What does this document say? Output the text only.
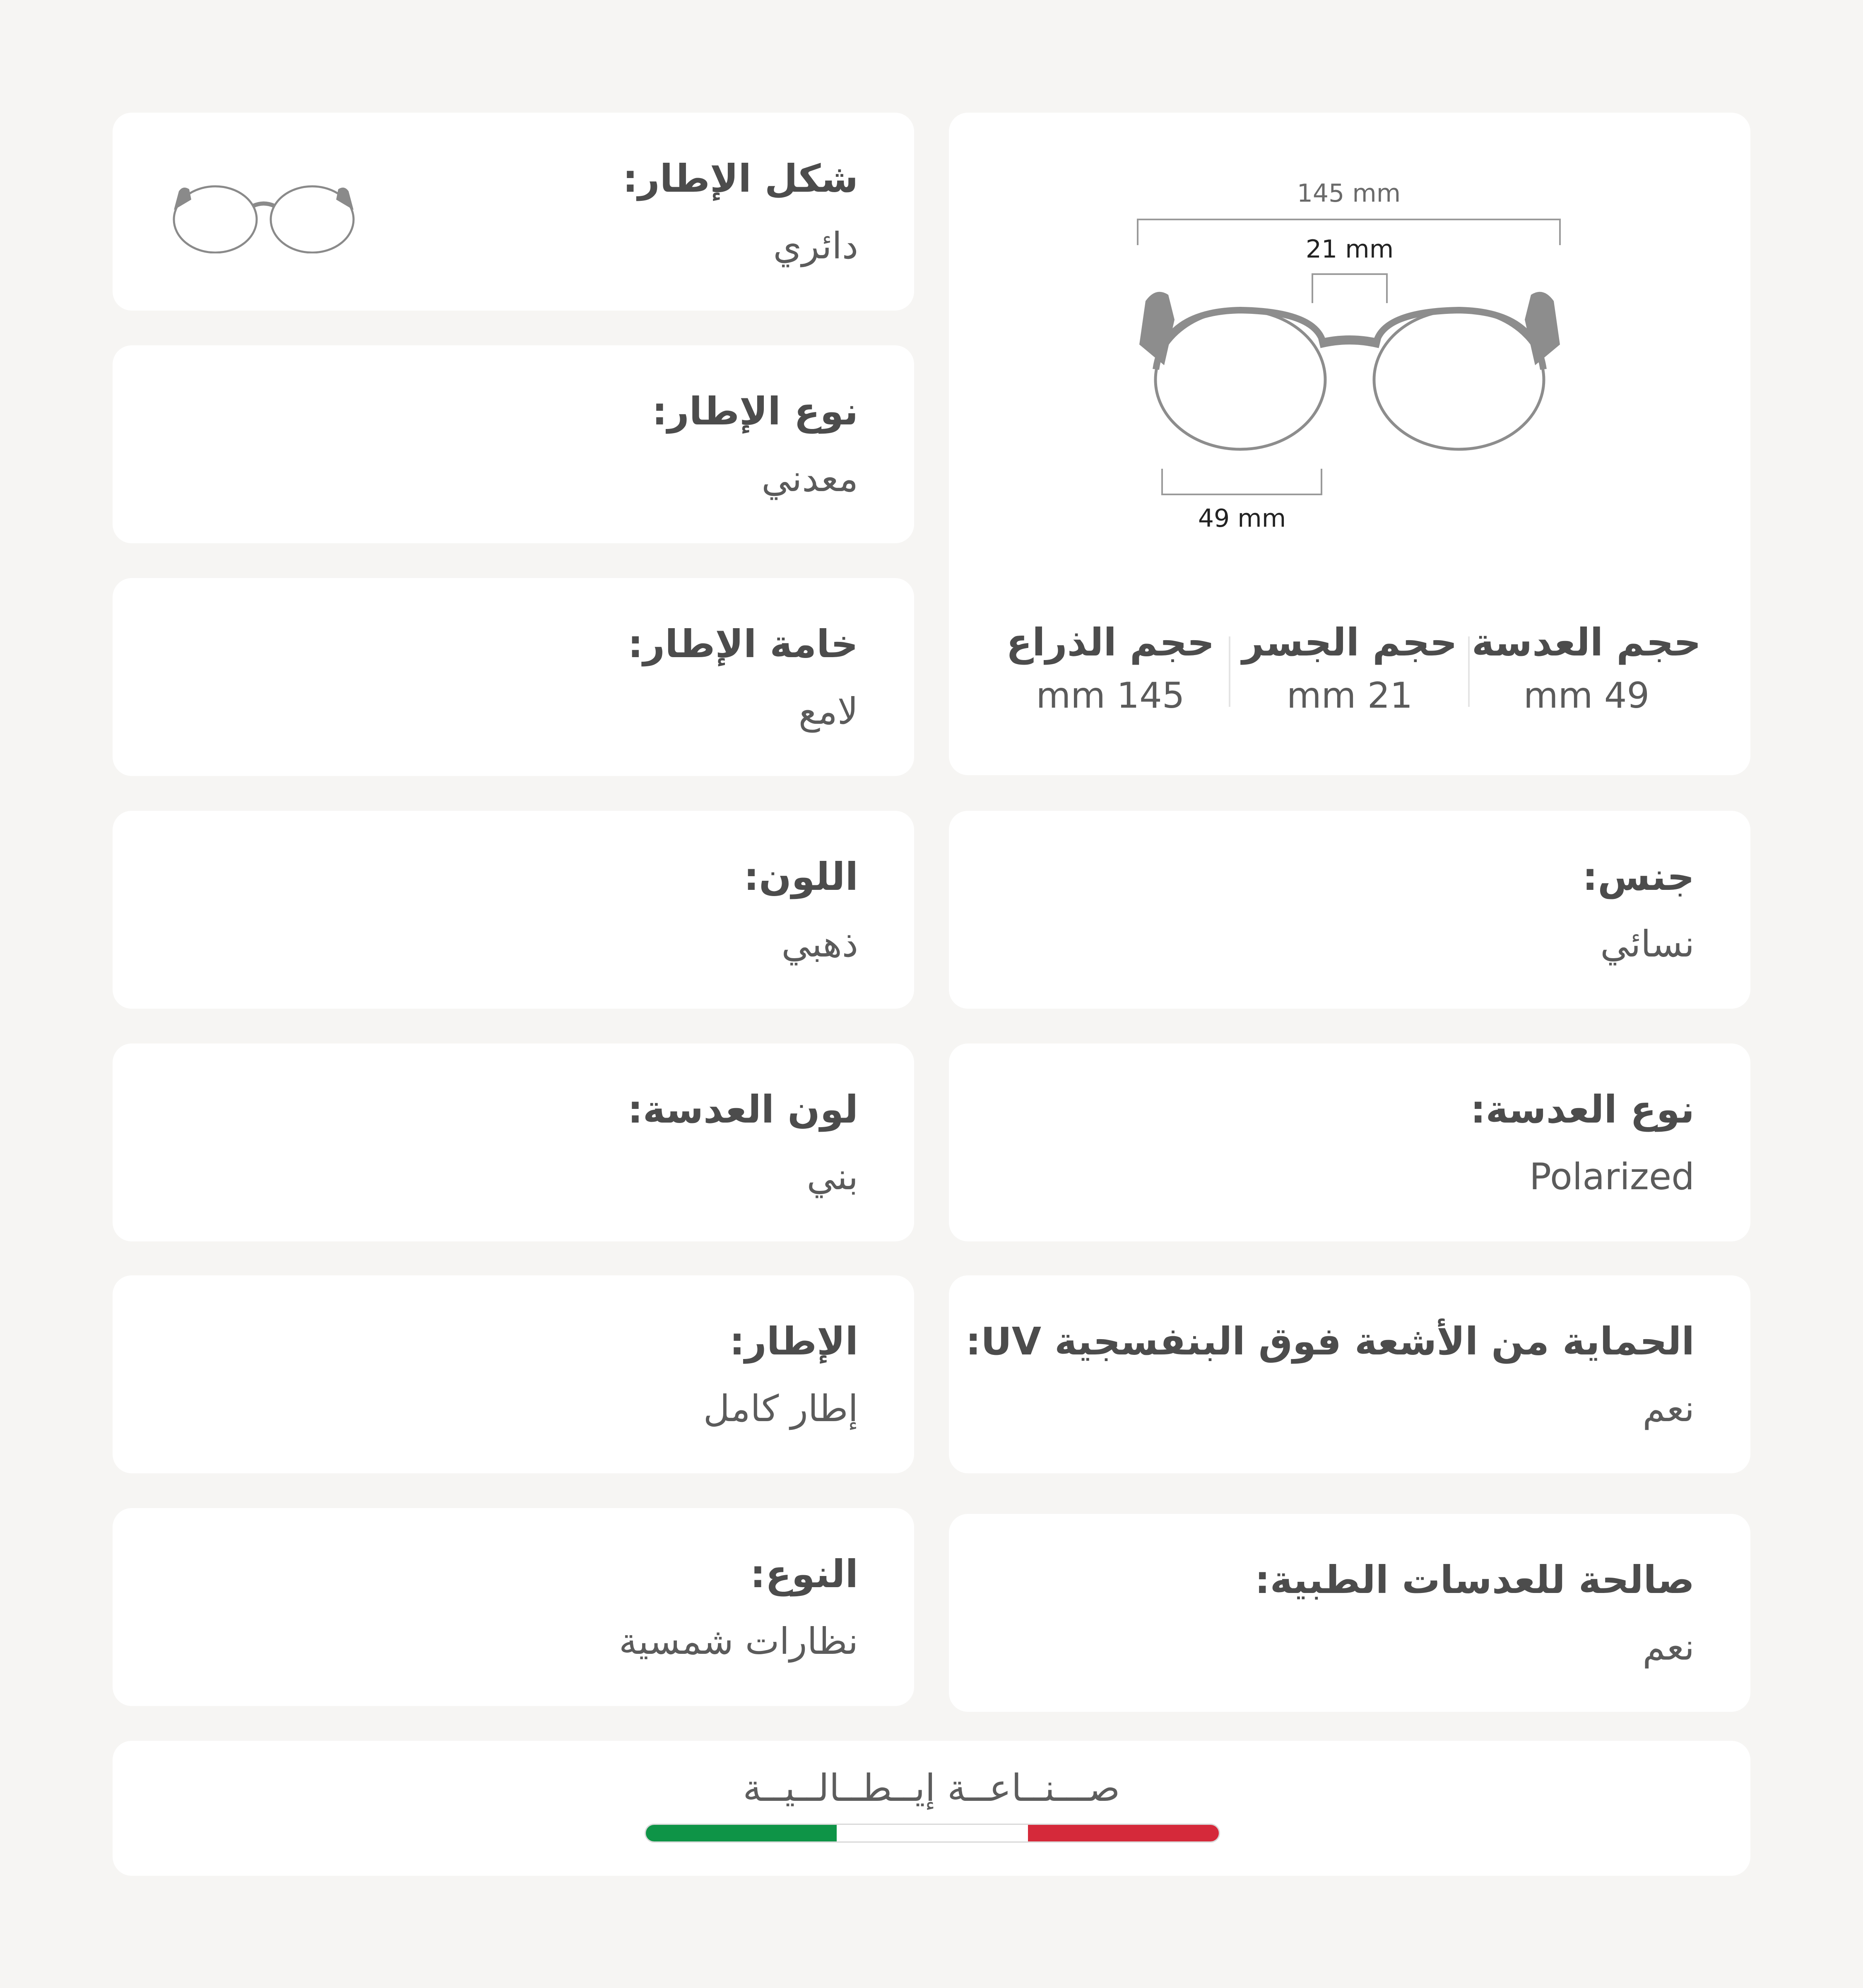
شكل الإطار:
دائري
نوع الإطار:
معدني
خامة الإطار:
لامع
اللون:
ذهبي
لون العدسة:
بني
الإطار:
إطار كامل
النوع:
نظارات شمسية
145 mm
21 mm
49 mm
حجم العدسة
49 mm
حجم الجسر
21 mm
حجم الذراع
145 mm
جنس:
نسائي
نوع العدسة:
Polarized
الحماية من الأشعة فوق البنفسجية UV:
نعم
صالحة للعدسات الطبية:
نعم
صـــنــاعــة إيــطــالــيــة
